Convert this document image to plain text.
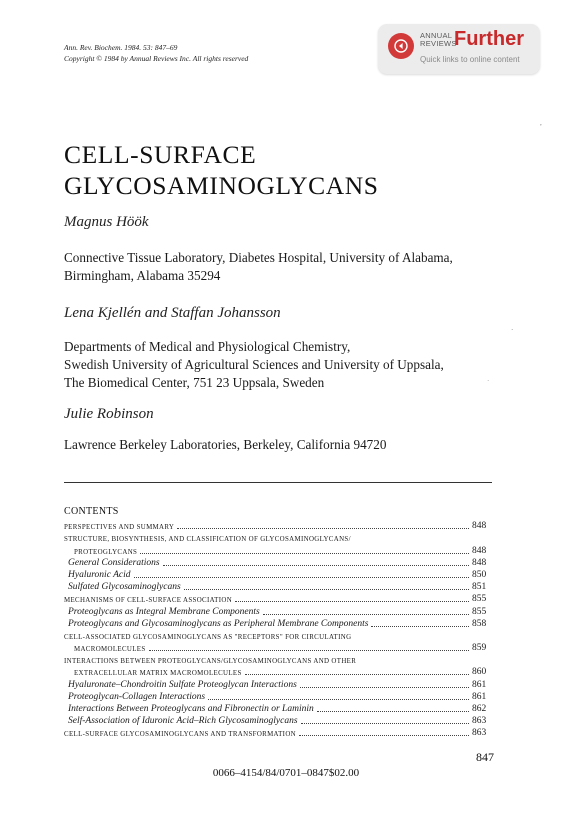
Ann. Rev. Biochem. 1984. 53: 847–69
Copyright © 1984 by Annual Reviews Inc. All rights reserved
ANNUAL
REVIEWS
Further
Quick links to online content
,
·
·
CELL-SURFACE
GLYCOSAMINOGLYCANS
Magnus Höök
Connective Tissue Laboratory, Diabetes Hospital, University of Alabama,
Birmingham, Alabama 35294
Lena Kjellén and Staffan Johansson
Departments of Medical and Physiological Chemistry,
Swedish University of Agricultural Sciences and University of Uppsala,
The Biomedical Center, 751 23 Uppsala, Sweden
Julie Robinson
Lawrence Berkeley Laboratories, Berkeley, California 94720
CONTENTS
PERSPECTIVES AND SUMMARY	848
STRUCTURE, BIOSYNTHESIS, AND CLASSIFICATION OF GLYCOSAMINOGLYCANS/
PROTEOGLYCANS	848
General Considerations	848
Hyaluronic Acid	850
Sulfated Glycosaminoglycans	851
MECHANISMS OF CELL-SURFACE ASSOCIATION	855
Proteoglycans as Integral Membrane Components	855
Proteoglycans and Glycosaminoglycans as Peripheral Membrane Components	858
CELL-ASSOCIATED GLYCOSAMINOGLYCANS AS "RECEPTORS" FOR CIRCULATING
MACROMOLECULES	859
INTERACTIONS BETWEEN PROTEOGLYCANS/GLYCOSAMINOGLYCANS AND OTHER
EXTRACELLULAR MATRIX MACROMOLECULES	860
Hyaluronate–Chondroitin Sulfate Proteoglycan Interactions	861
Proteoglycan-Collagen Interactions	861
Interactions Between Proteoglycans and Fibronectin or Laminin	862
Self-Association of Iduronic Acid–Rich Glycosaminoglycans	863
CELL-SURFACE GLYCOSAMINOGLYCANS AND TRANSFORMATION	863
847
0066–4154/84/0701–0847$02.00
